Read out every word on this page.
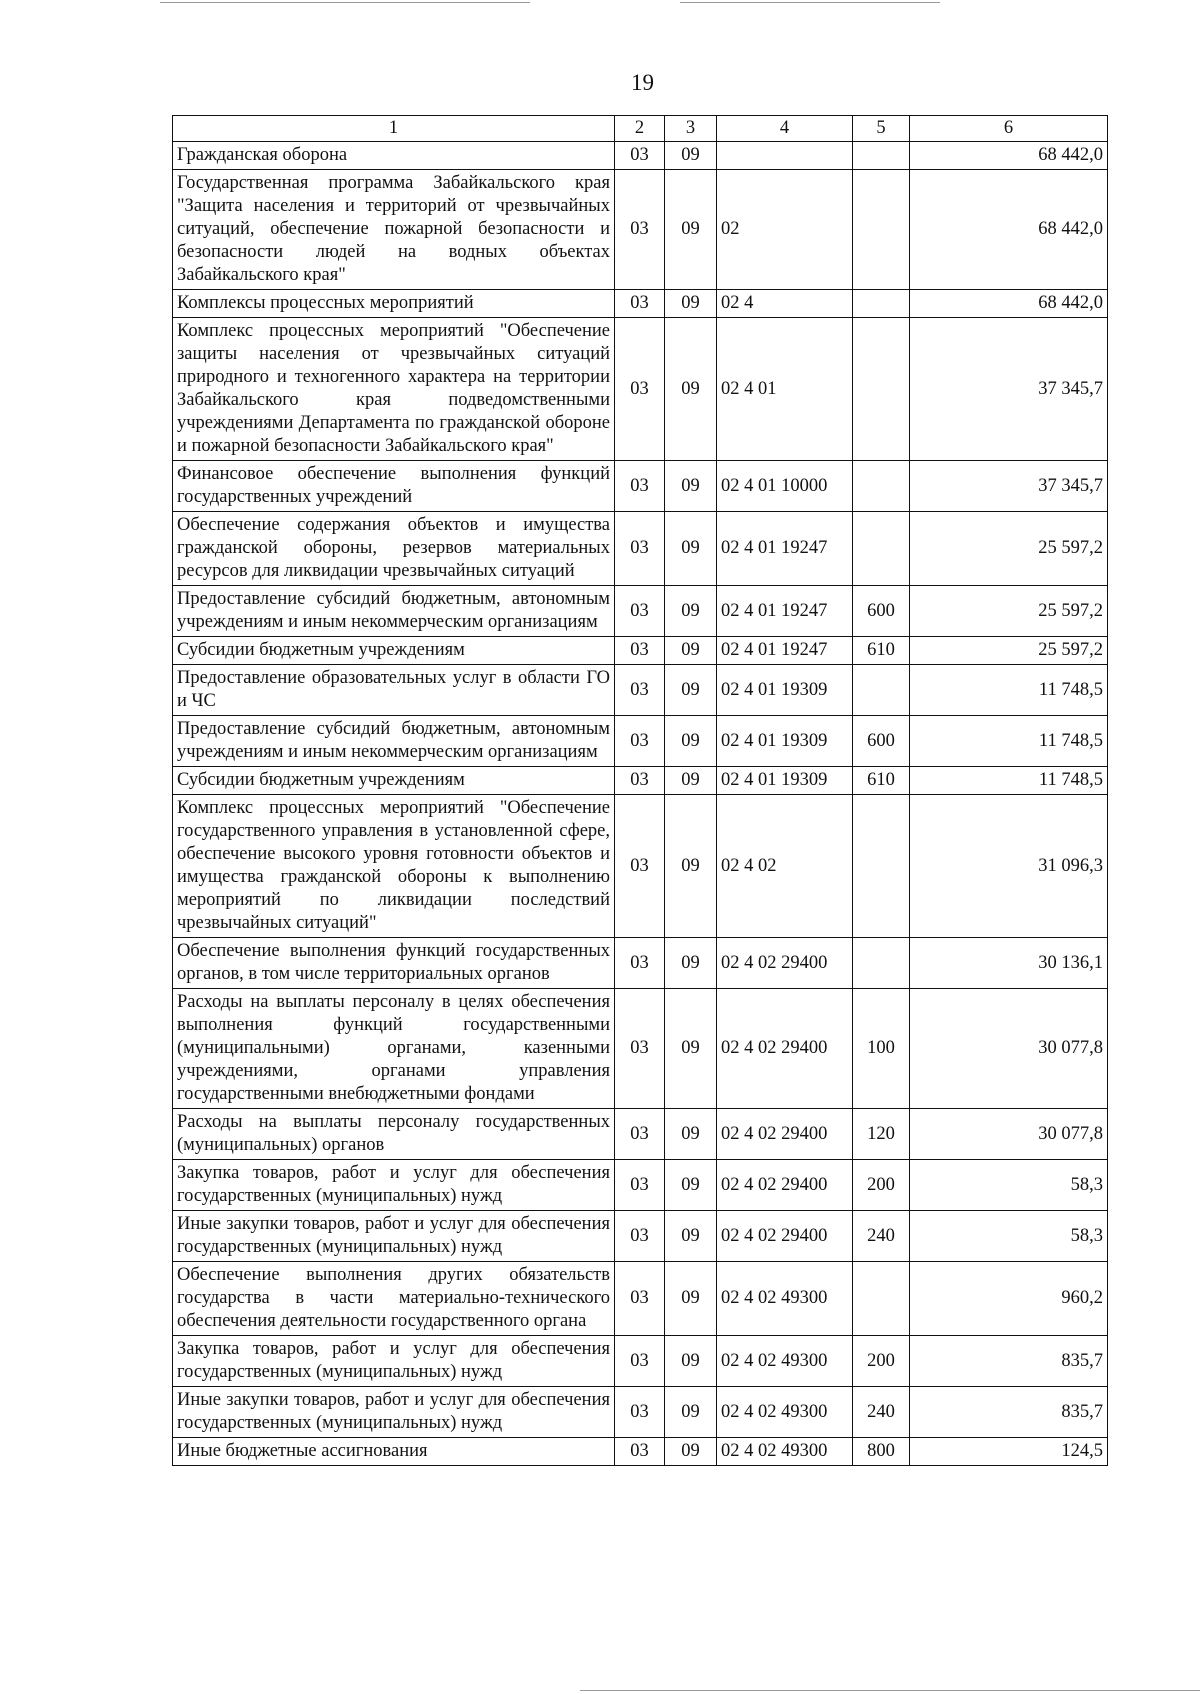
19
1	2	3	4	5	6
Гражданская оборона	03	09			68 442,0
Государственная программа Забайкальского края "Защита населения и территорий от чрезвычайных ситуаций, обеспечение пожарной безопасности и безопасности людей на водных объектах Забайкальского края"	03	09	02		68 442,0
Комплексы процессных мероприятий	03	09	02 4		68 442,0
Комплекс процессных мероприятий "Обеспечение защиты населения от чрезвычайных ситуаций природного и техногенного характера на территории Забайкальского края подведомственными учреждениями Департамента по гражданской обороне и пожарной безопасности Забайкальского края"	03	09	02 4 01		37 345,7
Финансовое обеспечение выполнения функций государственных учреждений	03	09	02 4 01 10000		37 345,7
Обеспечение содержания объектов и имущества гражданской обороны, резервов материальных ресурсов для ликвидации чрезвычайных ситуаций	03	09	02 4 01 19247		25 597,2
Предоставление субсидий бюджетным, автономным учреждениям и иным некоммерческим организациям	03	09	02 4 01 19247	600	25 597,2
Субсидии бюджетным учреждениям	03	09	02 4 01 19247	610	25 597,2
Предоставление образовательных услуг в области ГО и ЧС	03	09	02 4 01 19309		11 748,5
Предоставление субсидий бюджетным, автономным учреждениям и иным некоммерческим организациям	03	09	02 4 01 19309	600	11 748,5
Субсидии бюджетным учреждениям	03	09	02 4 01 19309	610	11 748,5
Комплекс процессных мероприятий "Обеспечение государственного управления в установленной сфере, обеспечение высокого уровня готовности объектов и имущества гражданской обороны к выполнению мероприятий по ликвидации последствий чрезвычайных ситуаций"	03	09	02 4 02		31 096,3
Обеспечение выполнения функций государственных органов, в том числе территориальных органов	03	09	02 4 02 29400		30 136,1
Расходы на выплаты персоналу в целях обеспечения выполнения функций государственными (муниципальными) органами, казенными учреждениями, органами управления государственными внебюджетными фондами	03	09	02 4 02 29400	100	30 077,8
Расходы на выплаты персоналу государственных (муниципальных) органов	03	09	02 4 02 29400	120	30 077,8
Закупка товаров, работ и услуг для обеспечения государственных (муниципальных) нужд	03	09	02 4 02 29400	200	58,3
Иные закупки товаров, работ и услуг для обеспечения государственных (муниципальных) нужд	03	09	02 4 02 29400	240	58,3
Обеспечение выполнения других обязательств государства в части материально-технического обеспечения деятельности государственного органа	03	09	02 4 02 49300		960,2
Закупка товаров, работ и услуг для обеспечения государственных (муниципальных) нужд	03	09	02 4 02 49300	200	835,7
Иные закупки товаров, работ и услуг для обеспечения государственных (муниципальных) нужд	03	09	02 4 02 49300	240	835,7
Иные бюджетные ассигнования	03	09	02 4 02 49300	800	124,5
